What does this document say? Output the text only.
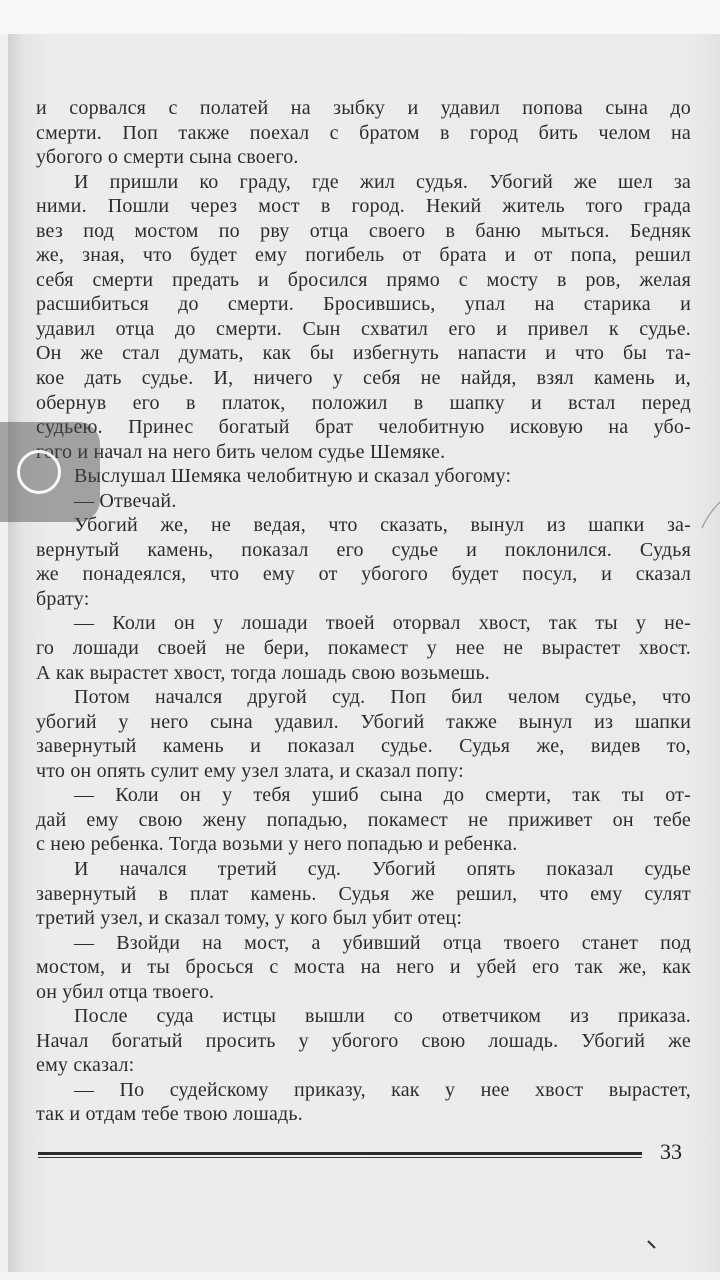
и сорвался с полатей на зыбку и удавил попова сына до
смерти. Поп также поехал с братом в город бить челом на
убогого о смерти сына своего.
И пришли ко граду, где жил судья. Убогий же шел за
ними. Пошли через мост в город. Некий житель того града
вез под мостом по рву отца своего в баню мыться. Бедняк
же, зная, что будет ему погибель от брата и от попа, решил
себя смерти предать и бросился прямо с мосту в ров, желая
расшибиться до смерти. Бросившись, упал на старика и
удавил отца до смерти. Сын схватил его и привел к судье.
Он же стал думать, как бы избегнуть напасти и что бы та-
кое дать судье. И, ничего у себя не найдя, взял камень и,
обернув его в платок, положил в шапку и встал перед
судьею. Принес богатый брат челобитную исковую на убо-
гого и начал на него бить челом судье Шемяке.
Выслушал Шемяка челобитную и сказал убогому:
— Отвечай.
Убогий же, не ведая, что сказать, вынул из шапки за-
вернутый камень, показал его судье и поклонился. Судья
же понадеялся, что ему от убогого будет посул, и сказал
брату:
— Коли он у лошади твоей оторвал хвост, так ты у не-
го лошади своей не бери, покамест у нее не вырастет хвост.
А как вырастет хвост, тогда лошадь свою возьмешь.
Потом начался другой суд. Поп бил челом судье, что
убогий у него сына удавил. Убогий также вынул из шапки
завернутый камень и показал судье. Судья же, видев то,
что он опять сулит ему узел злата, и сказал попу:
— Коли он у тебя ушиб сына до смерти, так ты от-
дай ему свою жену попадью, покамест не приживет он тебе
с нею ребенка. Тогда возьми у него попадью и ребенка.
И начался третий суд. Убогий опять показал судье
завернутый в плат камень. Судья же решил, что ему сулят
третий узел, и сказал тому, у кого был убит отец:
— Взойди на мост, а убивший отца твоего станет под
мостом, и ты бросься с моста на него и убей его так же, как
он убил отца твоего.
После суда истцы вышли со ответчиком из приказа.
Начал богатый просить у убогого свою лошадь. Убогий же
ему сказал:
— По судейскому приказу, как у нее хвост вырастет,
так и отдам тебе твою лошадь.
33
